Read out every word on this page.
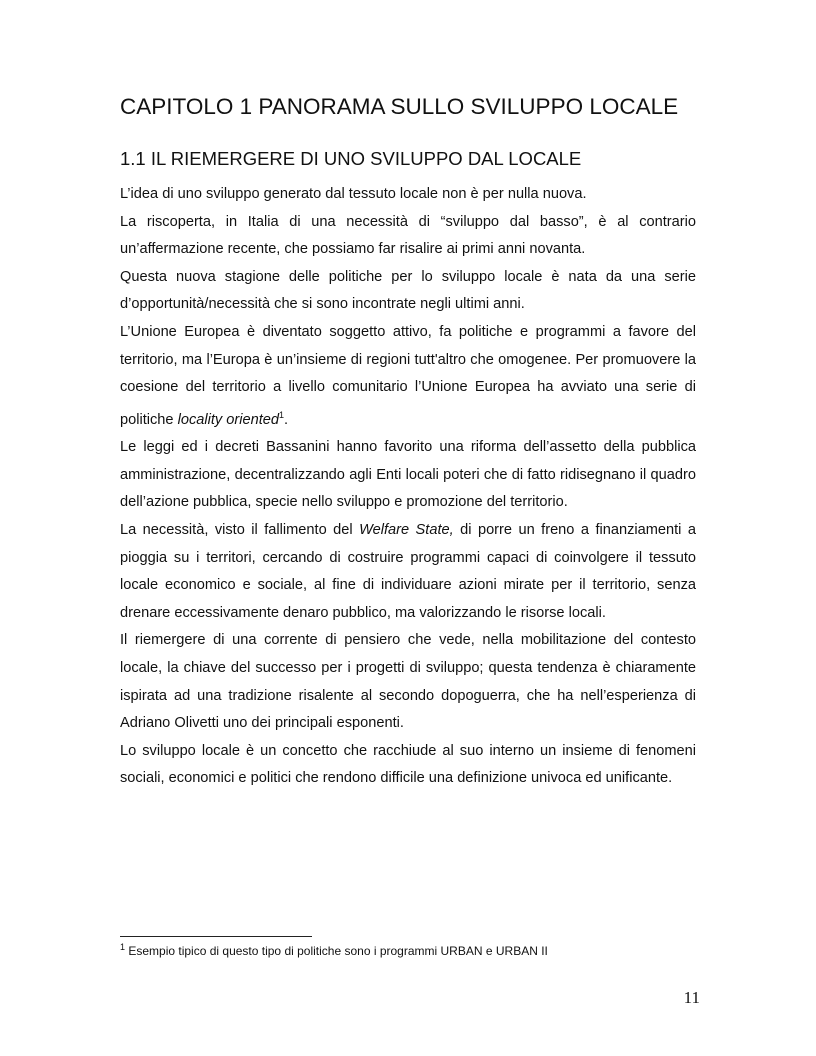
CAPITOLO 1 PANORAMA SULLO SVILUPPO LOCALE
1.1 IL RIEMERGERE DI UNO SVILUPPO DAL LOCALE

L’idea di uno sviluppo generato dal tessuto locale non è per nulla nuova.

La riscoperta, in Italia di una necessità di “sviluppo dal basso”, è al contrario un’affermazione recente, che possiamo far risalire ai primi anni novanta.

Questa nuova stagione delle politiche per lo sviluppo locale è nata da una serie d’opportunità/necessità che si sono incontrate negli ultimi anni.

L’Unione Europea è diventato soggetto attivo, fa politiche e programmi a favore del territorio, ma l’Europa è un’insieme di regioni tutt'altro che omogenee. Per promuovere la coesione del territorio a livello comunitario l’Unione Europea ha avviato una serie di politiche locality oriented$^1$.

Le leggi ed i decreti Bassanini hanno favorito una riforma dell’assetto della pubblica amministrazione, decentralizzando agli Enti locali poteri che di fatto ridisegnano il quadro dell’azione pubblica, specie nello sviluppo e promozione del territorio.

La necessità, visto il fallimento del Welfare State, di porre un freno a finanziamenti a pioggia su i territori, cercando di costruire programmi capaci di coinvolgere il tessuto locale economico e sociale, al fine di individuare azioni mirate per il territorio, senza drenare eccessivamente denaro pubblico, ma valorizzando le risorse locali.

Il riemergere di una corrente di pensiero che vede, nella mobilitazione del contesto locale, la chiave del successo per i progetti di sviluppo; questa tendenza è chiaramente ispirata ad una tradizione risalente al secondo dopoguerra, che ha nell’esperienza di Adriano Olivetti uno dei principali esponenti.

Lo sviluppo locale è un concetto che racchiude al suo interno un insieme di fenomeni sociali, economici e politici che rendono difficile una definizione univoca ed unificante.

$^1$ Esempio tipico di questo tipo di politiche sono i programmi URBAN e URBAN II
11
